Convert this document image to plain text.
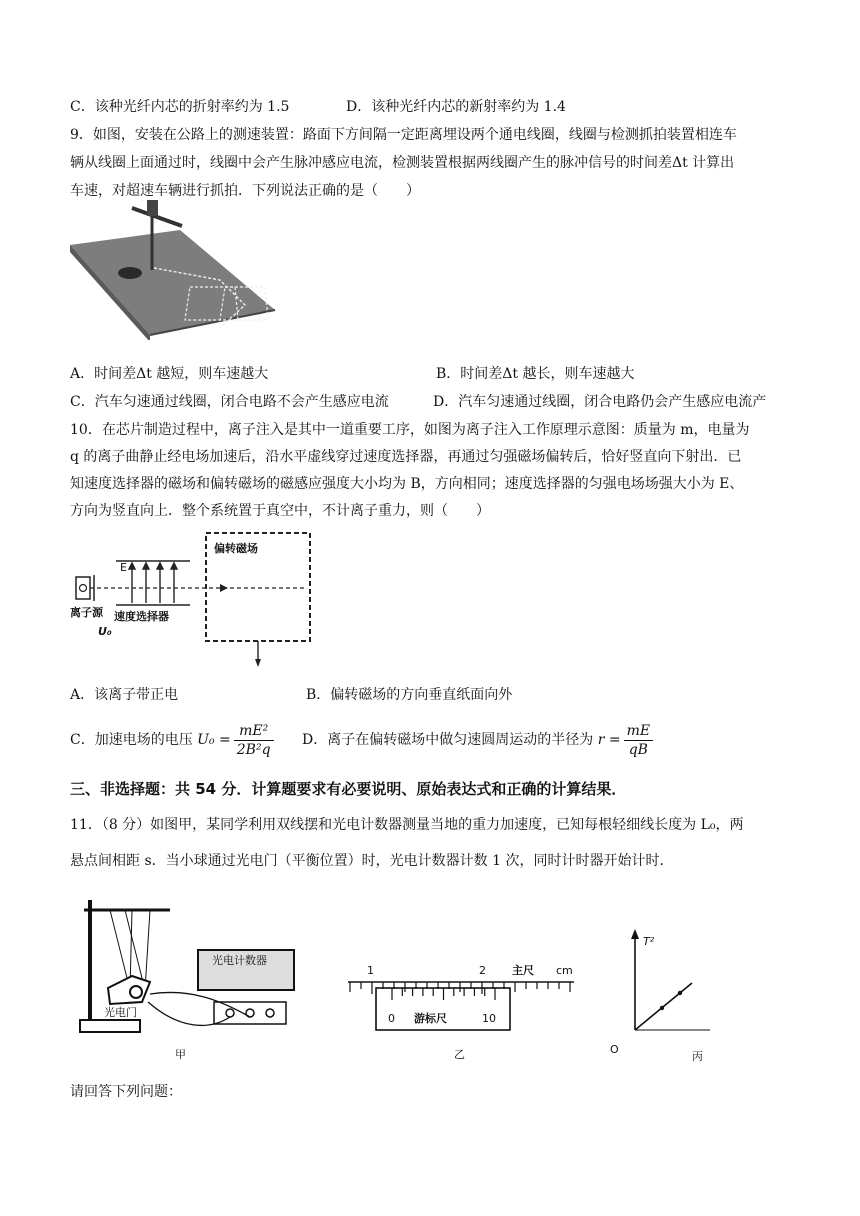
C．该种光纤内芯的折射率约为 1.5	D．该种光纤内芯的新射率约为 1.4
9．如图，安装在公路上的测速装置：路面下方间隔一定距离埋设两个通电线圈，线圈与检测抓拍装置相连车
辆从线圈上面通过时，线圈中会产生脉冲感应电流，检测装置根据两线圈产生的脉冲信号的时间差Δt 计算出
车速，对超速车辆进行抓拍．下列说法正确的是（　　）
A．时间差Δt 越短，则车速越大	B．时间差Δt 越长，则车速越大
C．汽车匀速通过线圈，闭合电路不会产生感应电流	D．汽车匀速通过线圈，闭合电路仍会产生感应电流产
10．在芯片制造过程中，离子注入是其中一道重要工序，如图为离子注入工作原理示意图：质量为 m，电量为
q 的离子曲静止经电场加速后，沿水平虚线穿过速度选择器，再通过匀强磁场偏转后，恰好竖直向下射出．已
知速度选择器的磁场和偏转磁场的磁感应强度大小均为 B，方向相同；速度选择器的匀强电场场强大小为 E、
方向为竖直向上．整个系统置于真空中，不计离子重力，则（　　）
偏转磁场
E
离子源 速度选择器
U₀
A．该离子带正电	B．偏转磁场的方向垂直纸面向外
C．加速电场的电压 $U_0 = \frac{\text{mE²}}{\text{2B²q}}$ D．离子在偏转磁场中做匀速圆周运动的半径为 $r = \frac{mE}{qB}$
三、非选择题：共 54 分．计算题要求有必要说明、原始表达式和正确的计算结果．
11．（8 分）如图甲，某同学利用双线摆和光电计数器测量当地的重力加速度，已知每根轻细线长度为 L₀，两
悬点间相距 s．当小球通过光电门（平衡位置）时，光电计数器计数 1 次，同时计时器开始计时．
光电计数器
光电门
甲
1	2 主尺 cm
0 游标尺	10
乙
T²
O
丙
请回答下列问题：
